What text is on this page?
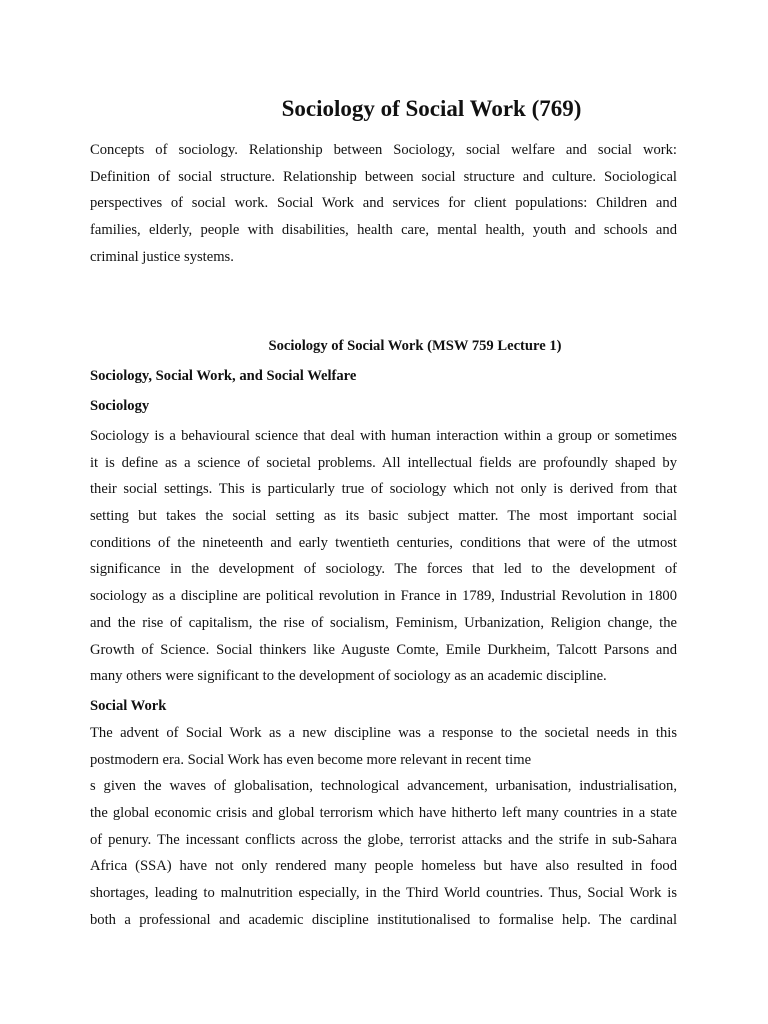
Sociology of Social Work (769)
Concepts of sociology. Relationship between Sociology, social welfare and social work:
Definition of social structure. Relationship between social structure and culture. Sociological
perspectives of social work. Social Work and services for client populations: Children and
families, elderly, people with disabilities, health care, mental health, youth and schools and
criminal justice systems.
Sociology of Social Work (MSW 759 Lecture 1)
Sociology, Social Work, and Social Welfare
Sociology
Sociology is a behavioural science that deal with human interaction within a group or sometimes
it is define as a science of societal problems. All intellectual fields are profoundly shaped by
their social settings. This is particularly true of sociology which not only is derived from that
setting but takes the social setting as its basic subject matter. The most important social
conditions of the nineteenth and early twentieth centuries, conditions that were of the utmost
significance in the development of sociology. The forces that led to the development of
sociology as a discipline are political revolution in France in 1789, Industrial Revolution in 1800
and the rise of capitalism, the rise of socialism, Feminism, Urbanization, Religion change, the
Growth of Science. Social thinkers like Auguste Comte, Emile Durkheim, Talcott Parsons and
many others were significant to the development of sociology as an academic discipline.
Social Work
The advent of Social Work as a new discipline was a response to the societal needs in this
postmodern era. Social Work has even become more relevant in recent time
s given the waves of globalisation, technological advancement, urbanisation, industrialisation,
the global economic crisis and global terrorism which have hitherto left many countries in a state
of penury. The incessant conflicts across the globe, terrorist attacks and the strife in sub-Sahara
Africa (SSA) have not only rendered many people homeless but have also resulted in food
shortages, leading to malnutrition especially, in the Third World countries. Thus, Social Work is
both a professional and academic discipline institutionalised to formalise help. The cardinal
